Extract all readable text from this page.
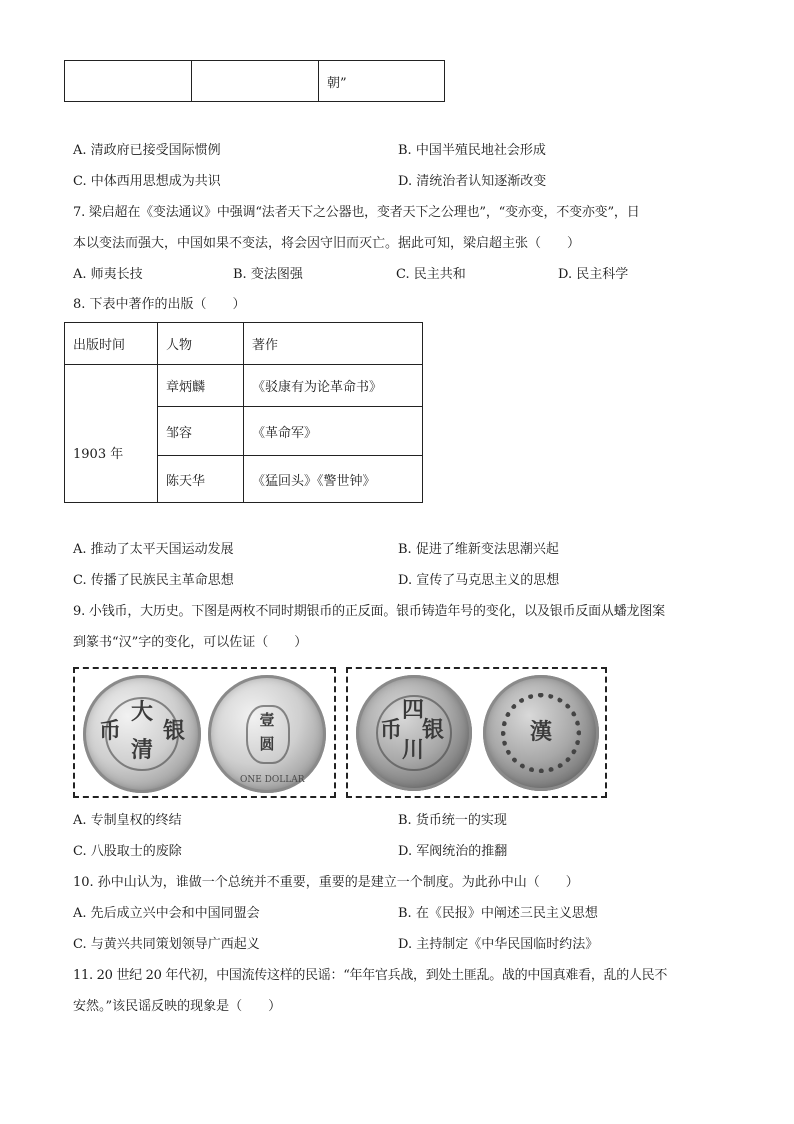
		朝”
A. 清政府已接受国际惯例	B. 中国半殖民地社会形成
C. 中体西用思想成为共识	D. 清统治者认知逐渐改变
7. 梁启超在《变法通议》中强调“法者天下之公器也，变者天下之公理也”，“变亦变，不变亦变”，日
本以变法而强大，中国如果不变法，将会因守旧而灭亡。据此可知，梁启超主张（　　）
A. 师夷长技	B. 变法图强	C. 民主共和	D. 民主科学
8. 下表中著作的出版（　　）
出版时间	人物	著作
1903 年	章炳麟	《驳康有为论革命书》
	邹容	《革命军》
	陈天华	《猛回头》《警世钟》
A. 推动了太平天国运动发展	B. 促进了维新变法思潮兴起
C. 传播了民族民主革命思想	D. 宣传了马克思主义的思想
9. 小钱币，大历史。下图是两枚不同时期银币的正反面。银币铸造年号的变化，以及银币反面从蟠龙图案
到篆书“汉”字的变化，可以佐证（　　）
大
清
银
币	壹
圆
ONE DOLLAR
四
川
银
币	漢
A. 专制皇权的终结	B. 货币统一的实现
C. 八股取士的废除	D. 军阀统治的推翻
10. 孙中山认为，谁做一个总统并不重要，重要的是建立一个制度。为此孙中山（　　）
A. 先后成立兴中会和中国同盟会	B. 在《民报》中阐述三民主义思想
C. 与黄兴共同策划领导广西起义	D. 主持制定《中华民国临时约法》
11. 20 世纪 20 年代初，中国流传这样的民谣：“年年官兵战，到处土匪乱。战的中国真难看，乱的人民不
安然。”该民谣反映的现象是（　　）
